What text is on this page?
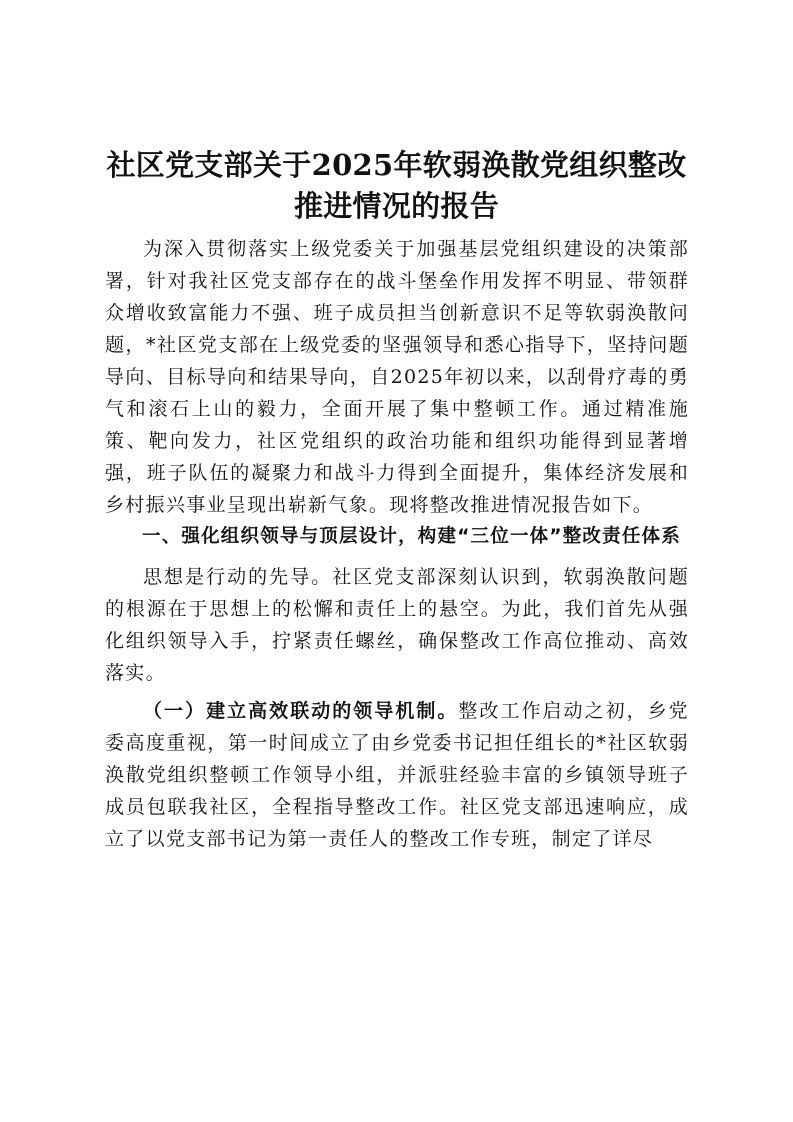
社区党支部关于2025年软弱涣散党组织整改
推进情况的报告

为深入贯彻落实上级党委关于加强基层党组织建设的决策部署，针对我社区党支部存在的战斗堡垒作用发挥不明显、带领群众增收致富能力不强、班子成员担当创新意识不足等软弱涣散问题，*社区党支部在上级党委的坚强领导和悉心指导下，坚持问题导向、目标导向和结果导向，自2025年初以来，以刮骨疗毒的勇气和滚石上山的毅力，全面开展了集中整顿工作。通过精准施策、靶向发力，社区党组织的政治功能和组织功能得到显著增强，班子队伍的凝聚力和战斗力得到全面提升，集体经济发展和乡村振兴事业呈现出崭新气象。现将整改推进情况报告如下。

一、强化组织领导与顶层设计，构建“三位一体”整改责任体系

思想是行动的先导。社区党支部深刻认识到，软弱涣散问题的根源在于思想上的松懈和责任上的悬空。为此，我们首先从强化组织领导入手，拧紧责任螺丝，确保整改工作高位推动、高效落实。

（一）建立高效联动的领导机制。整改工作启动之初，乡党委高度重视，第一时间成立了由乡党委书记担任组长的*社区软弱涣散党组织整顿工作领导小组，并派驻经验丰富的乡镇领导班子成员包联我社区，全程指导整改工作。社区党支部迅速响应，成立了以党支部书记为第一责任人的整改工作专班，制定了详尽
